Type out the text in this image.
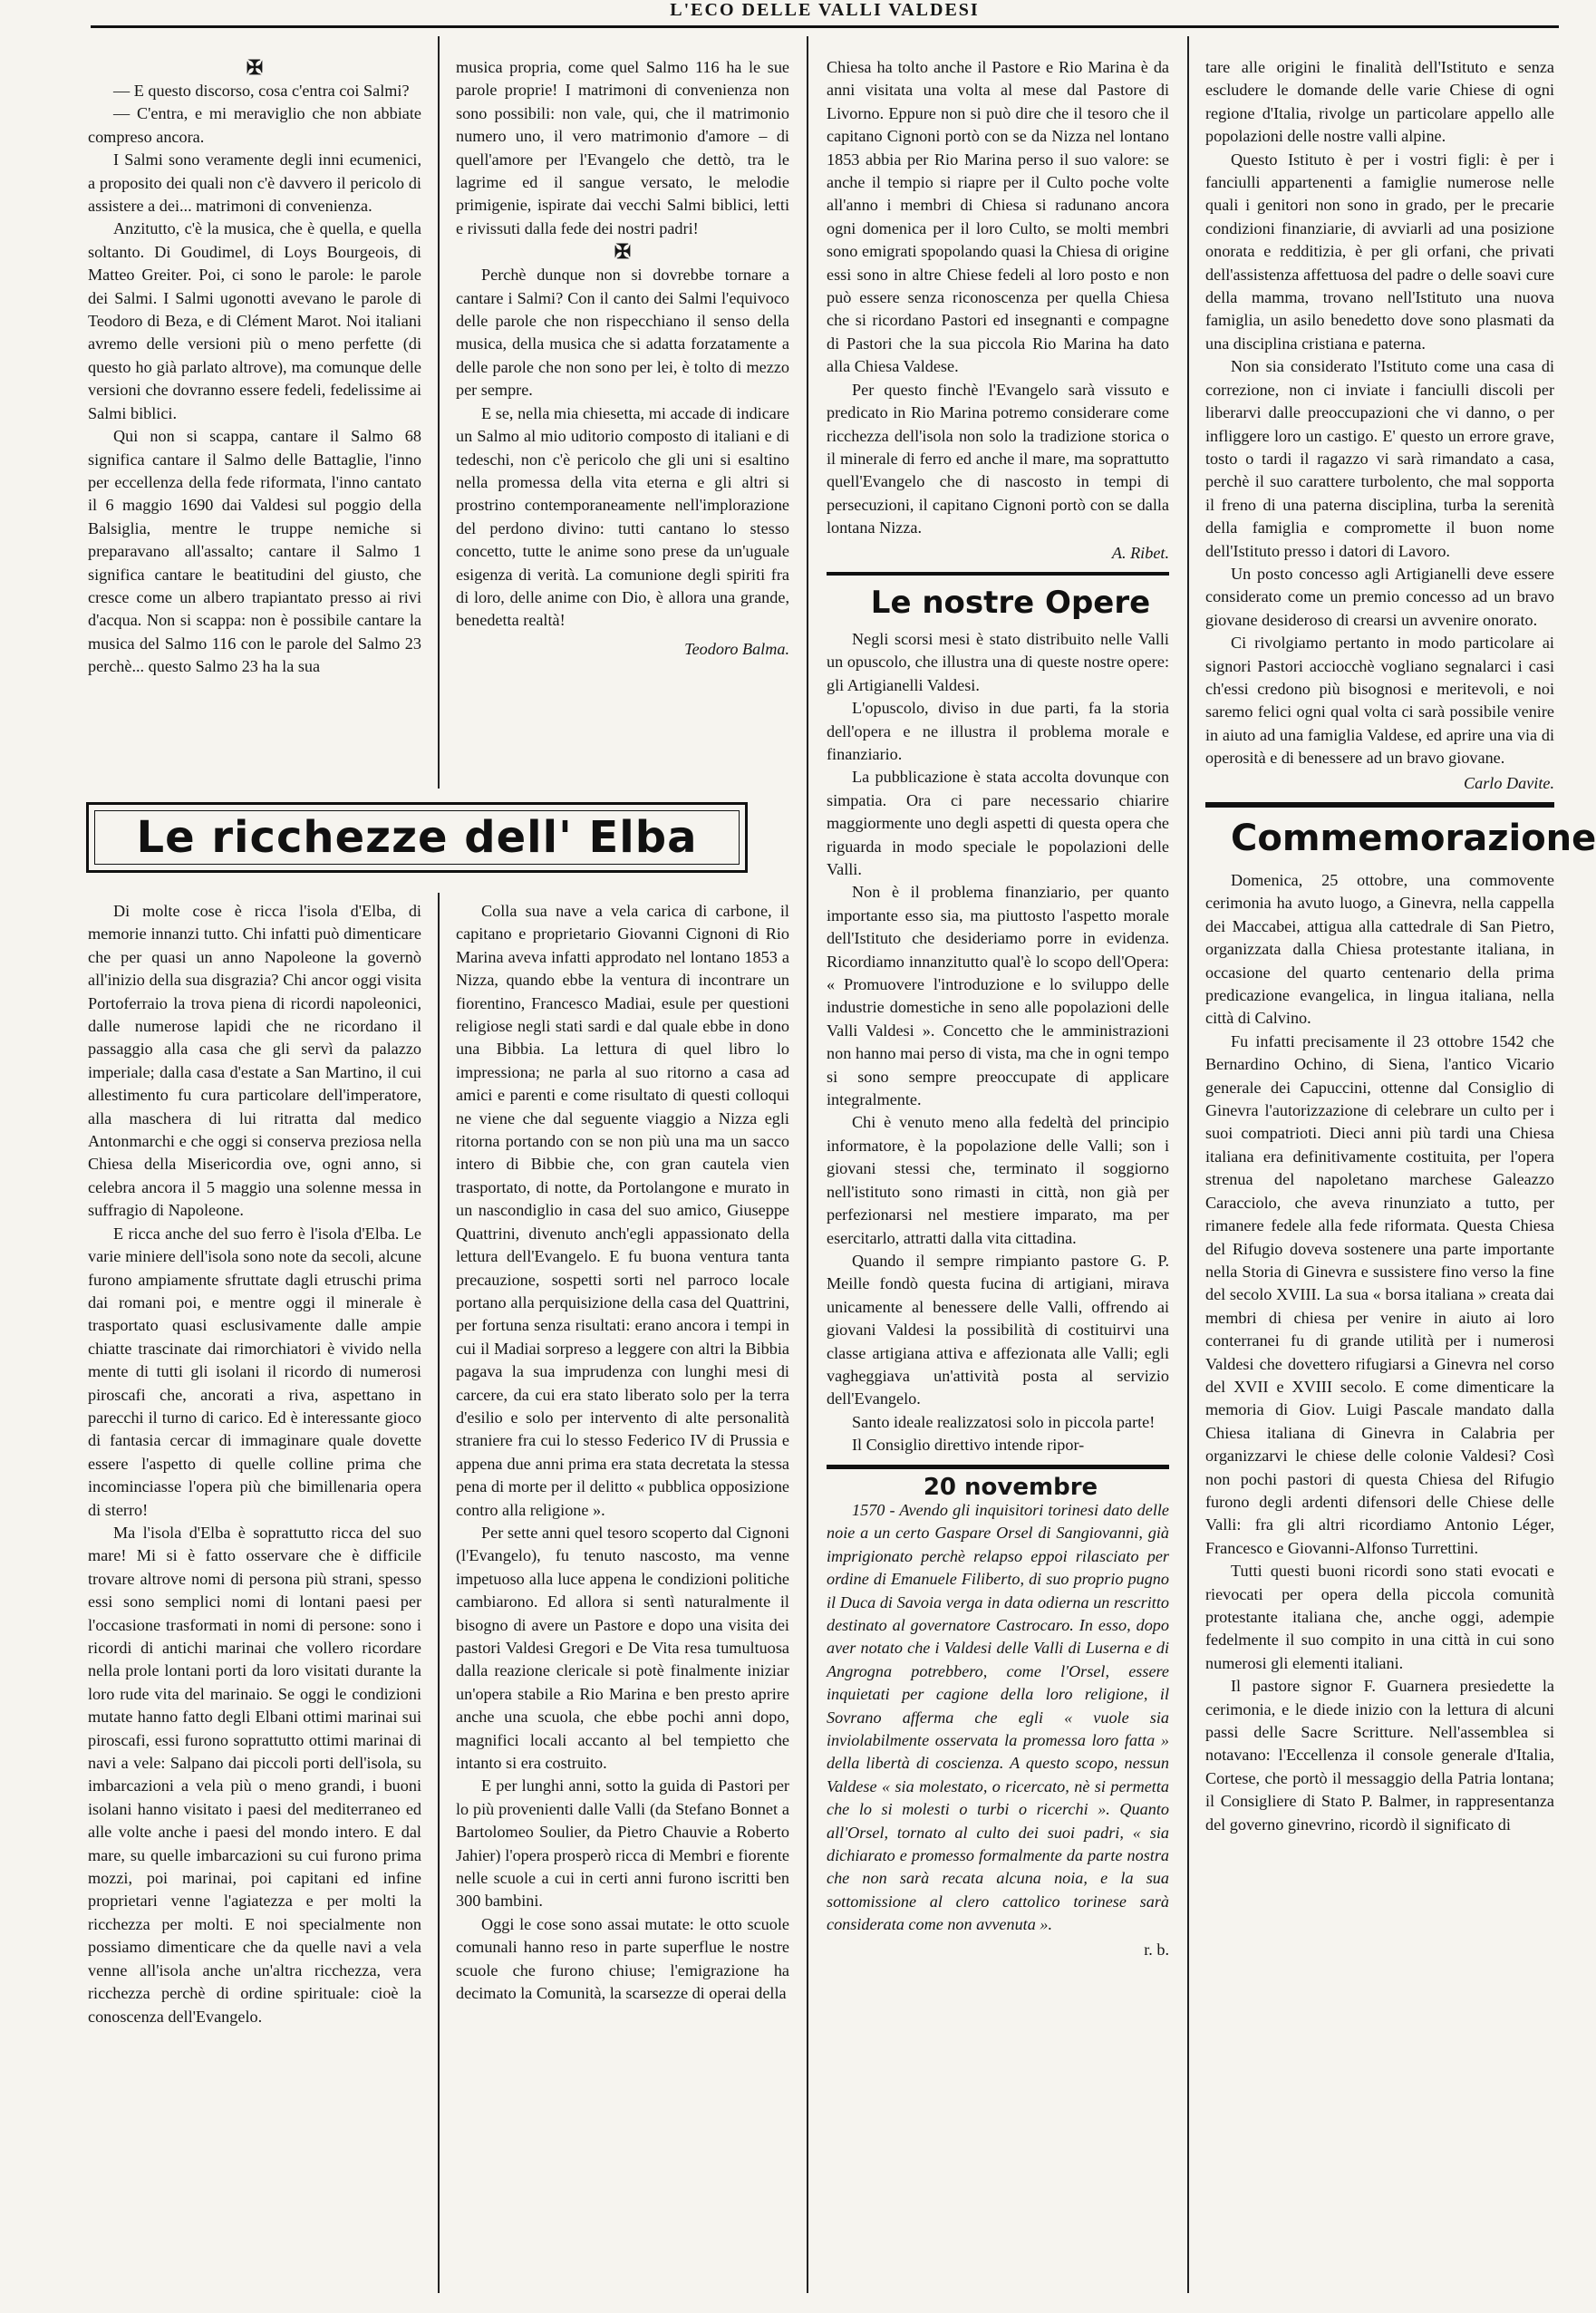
L'ECO DELLE VALLI VALDESI

✠

— E questo discorso, cosa c'entra coi Salmi?

— C'entra, e mi meraviglio che non abbiate compreso ancora.

I Salmi sono veramente degli inni ecumenici, a proposito dei quali non c'è davvero il pericolo di assistere a dei... matrimoni di convenienza.

Anzitutto, c'è la musica, che è quella, e quella soltanto. Di Goudimel, di Loys Bourgeois, di Matteo Greiter. Poi, ci sono le parole: le parole dei Salmi. I Salmi ugonotti avevano le parole di Teodoro di Beza, e di Clément Marot. Noi italiani avremo delle versioni più o meno perfette (di questo ho già parlato altrove), ma comunque delle versioni che dovranno essere fedeli, fedelissime ai Salmi biblici.

Qui non si scappa, cantare il Salmo 68 significa cantare il Salmo delle Battaglie, l'inno per eccellenza della fede riformata, l'inno cantato il 6 maggio 1690 dai Valdesi sul poggio della Balsiglia, mentre le truppe nemiche si preparavano all'assalto; cantare il Salmo 1 significa cantare le beatitudini del giusto, che cresce come un albero trapiantato presso ai rivi d'acqua. Non si scappa: non è possibile cantare la musica del Salmo 116 con le parole del Salmo 23 perchè... questo Salmo 23 ha la sua

musica propria, come quel Salmo 116 ha le sue parole proprie! I matrimoni di convenienza non sono possibili: non vale, qui, che il matrimonio numero uno, il vero matrimonio d'amore – di quell'amore per l'Evangelo che dettò, tra le lagrime ed il sangue versato, le melodie primigenie, ispirate dai vecchi Salmi biblici, letti e rivissuti dalla fede dei nostri padri!

✠

Perchè dunque non si dovrebbe tornare a cantare i Salmi? Con il canto dei Salmi l'equivoco delle parole che non rispecchiano il senso della musica, della musica che si adatta forzatamente a delle parole che non sono per lei, è tolto di mezzo per sempre.

E se, nella mia chiesetta, mi accade di indicare un Salmo al mio uditorio composto di italiani e di tedeschi, non c'è pericolo che gli uni si esaltino nella promessa della vita eterna e gli altri si prostrino contemporaneamente nell'implorazione del perdono divino: tutti cantano lo stesso concetto, tutte le anime sono prese da un'uguale esigenza di verità. La comunione degli spiriti fra di loro, delle anime con Dio, è allora una grande, benedetta realtà!

Teodoro Balma.

Le ricchezze dell' Elba

Di molte cose è ricca l'isola d'Elba, di memorie innanzi tutto. Chi infatti può dimenticare che per quasi un anno Napoleone la governò all'inizio della sua disgrazia? Chi ancor oggi visita Portoferraio la trova piena di ricordi napoleonici, dalle numerose lapidi che ne ricordano il passaggio alla casa che gli servì da palazzo imperiale; dalla casa d'estate a San Martino, il cui allestimento fu cura particolare dell'imperatore, alla maschera di lui ritratta dal medico Antonmarchi e che oggi si conserva preziosa nella Chiesa della Misericordia ove, ogni anno, si celebra ancora il 5 maggio una solenne messa in suffragio di Napoleone.

E ricca anche del suo ferro è l'isola d'Elba. Le varie miniere dell'isola sono note da secoli, alcune furono ampiamente sfruttate dagli etruschi prima dai romani poi, e mentre oggi il minerale è trasportato quasi esclusivamente dalle ampie chiatte trascinate dai rimorchiatori è vivido nella mente di tutti gli isolani il ricordo di numerosi piroscafi che, ancorati a riva, aspettano in parecchi il turno di carico. Ed è interessante gioco di fantasia cercar di immaginare quale dovette essere l'aspetto di quelle colline prima che incominciasse l'opera più che bimillenaria opera di sterro!

Ma l'isola d'Elba è soprattutto ricca del suo mare! Mi si è fatto osservare che è difficile trovare altrove nomi di persona più strani, spesso essi sono semplici nomi di lontani paesi per l'occasione trasformati in nomi di persone: sono i ricordi di antichi marinai che vollero ricordare nella prole lontani porti da loro visitati durante la loro rude vita del marinaio. Se oggi le condizioni mutate hanno fatto degli Elbani ottimi marinai sui piroscafi, essi furono soprattutto ottimi marinai di navi a vele: Salpano dai piccoli porti dell'isola, su imbarcazioni a vela più o meno grandi, i buoni isolani hanno visitato i paesi del mediterraneo ed alle volte anche i paesi del mondo intero. E dal mare, su quelle imbarcazioni su cui furono prima mozzi, poi marinai, poi capitani ed infine proprietari venne l'agiatezza e per molti la ricchezza per molti. E noi specialmente non possiamo dimenticare che da quelle navi a vela venne all'isola anche un'altra ricchezza, vera ricchezza perchè di ordine spirituale: cioè la conoscenza dell'Evangelo.

Colla sua nave a vela carica di carbone, il capitano e proprietario Giovanni Cignoni di Rio Marina aveva infatti approdato nel lontano 1853 a Nizza, quando ebbe la ventura di incontrare un fiorentino, Francesco Madiai, esule per questioni religiose negli stati sardi e dal quale ebbe in dono una Bibbia. La lettura di quel libro lo impressiona; ne parla al suo ritorno a casa ad amici e parenti e come risultato di questi colloqui ne viene che dal seguente viaggio a Nizza egli ritorna portando con se non più una ma un sacco intero di Bibbie che, con gran cautela vien trasportato, di notte, da Portolangone e murato in un nascondiglio in casa del suo amico, Giuseppe Quattrini, divenuto anch'egli appassionato della lettura dell'Evangelo. E fu buona ventura tanta precauzione, sospetti sorti nel parroco locale portano alla perquisizione della casa del Quattrini, per fortuna senza risultati: erano ancora i tempi in cui il Madiai sorpreso a leggere con altri la Bibbia pagava la sua imprudenza con lunghi mesi di carcere, da cui era stato liberato solo per la terra d'esilio e solo per intervento di alte personalità straniere fra cui lo stesso Federico IV di Prussia e appena due anni prima era stata decretata la stessa pena di morte per il delitto « pubblica opposizione contro alla religione ».

Per sette anni quel tesoro scoperto dal Cignoni (l'Evangelo), fu tenuto nascosto, ma venne impetuoso alla luce appena le condizioni politiche cambiarono. Ed allora si sentì naturalmente il bisogno di avere un Pastore e dopo una visita dei pastori Valdesi Gregori e De Vita resa tumultuosa dalla reazione clericale si potè finalmente iniziar un'opera stabile a Rio Marina e ben presto aprire anche una scuola, che ebbe pochi anni dopo, magnifici locali accanto al bel tempietto che intanto si era costruito.

E per lunghi anni, sotto la guida di Pastori per lo più provenienti dalle Valli (da Stefano Bonnet a Bartolomeo Soulier, da Pietro Chauvie a Roberto Jahier) l'opera prosperò ricca di Membri e fiorente nelle scuole a cui in certi anni furono iscritti ben 300 bambini.

Oggi le cose sono assai mutate: le otto scuole comunali hanno reso in parte superflue le nostre scuole che furono chiuse; l'emigrazione ha decimato la Comunità, la scarsezze di operai della

Chiesa ha tolto anche il Pastore e Rio Marina è da anni visitata una volta al mese dal Pastore di Livorno. Eppure non si può dire che il tesoro che il capitano Cignoni portò con se da Nizza nel lontano 1853 abbia per Rio Marina perso il suo valore: se anche il tempio si riapre per il Culto poche volte all'anno i membri di Chiesa si radunano ancora ogni domenica per il loro Culto, se molti membri sono emigrati spopolando quasi la Chiesa di origine essi sono in altre Chiese fedeli al loro posto e non può essere senza riconoscenza per quella Chiesa che si ricordano Pastori ed insegnanti e compagne di Pastori che la sua piccola Rio Marina ha dato alla Chiesa Valdese.

Per questo finchè l'Evangelo sarà vissuto e predicato in Rio Marina potremo considerare come ricchezza dell'isola non solo la tradizione storica o il minerale di ferro ed anche il mare, ma soprattutto quell'Evangelo che di nascosto in tempi di persecuzioni, il capitano Cignoni portò con se dalla lontana Nizza.

A. Ribet.

Le nostre Opere

Negli scorsi mesi è stato distribuito nelle Valli un opuscolo, che illustra una di queste nostre opere: gli Artigianelli Valdesi.

L'opuscolo, diviso in due parti, fa la storia dell'opera e ne illustra il problema morale e finanziario.

La pubblicazione è stata accolta dovunque con simpatia. Ora ci pare necessario chiarire maggiormente uno degli aspetti di questa opera che riguarda in modo speciale le popolazioni delle Valli.

Non è il problema finanziario, per quanto importante esso sia, ma piuttosto l'aspetto morale dell'Istituto che desideriamo porre in evidenza. Ricordiamo innanzitutto qual'è lo scopo dell'Opera: « Promuovere l'introduzione e lo sviluppo delle industrie domestiche in seno alle popolazioni delle Valli Valdesi ». Concetto che le amministrazioni non hanno mai perso di vista, ma che in ogni tempo si sono sempre preoccupate di applicare integralmente.

Chi è venuto meno alla fedeltà del principio informatore, è la popolazione delle Valli; son i giovani stessi che, terminato il soggiorno nell'istituto sono rimasti in città, non già per perfezionarsi nel mestiere imparato, ma per esercitarlo, attratti dalla vita cittadina.

Quando il sempre rimpianto pastore G. P. Meille fondò questa fucina di artigiani, mirava unicamente al benessere delle Valli, offrendo ai giovani Valdesi la possibilità di costituirvi una classe artigiana attiva e affezionata alle Valli; egli vagheggiava un'attività posta al servizio dell'Evangelo.

Santo ideale realizzatosi solo in piccola parte!

Il Consiglio direttivo intende ripor-

20 novembre

1570 - Avendo gli inquisitori torinesi dato delle noie a un certo Gaspare Orsel di Sangiovanni, già imprigionato perchè relapso eppoi rilasciato per ordine di Emanuele Filiberto, di suo proprio pugno il Duca di Savoia verga in data odierna un rescritto destinato al governatore Castrocaro. In esso, dopo aver notato che i Valdesi delle Valli di Luserna e di Angrogna potrebbero, come l'Orsel, essere inquietati per cagione della loro religione, il Sovrano afferma che egli « vuole sia inviolabilmente osservata la promessa loro fatta » della libertà di coscienza. A questo scopo, nessun Valdese « sia molestato, o ricercato, nè si permetta che lo si molesti o turbi o ricerchi ». Quanto all'Orsel, tornato al culto dei suoi padri, « sia dichiarato e promesso formalmente da parte nostra che non sarà recata alcuna noia, e la sua sottomissione al clero cattolico torinese sarà considerata come non avvenuta ».

r. b.

tare alle origini le finalità dell'Istituto e senza escludere le domande delle varie Chiese di ogni regione d'Italia, rivolge un particolare appello alle popolazioni delle nostre valli alpine.

Questo Istituto è per i vostri figli: è per i fanciulli appartenenti a famiglie numerose nelle quali i genitori non sono in grado, per le precarie condizioni finanziarie, di avviarli ad una posizione onorata e redditizia, è per gli orfani, che privati dell'assistenza affettuosa del padre o delle soavi cure della mamma, trovano nell'Istituto una nuova famiglia, un asilo benedetto dove sono plasmati da una disciplina cristiana e paterna.

Non sia considerato l'Istituto come una casa di correzione, non ci inviate i fanciulli discoli per liberarvi dalle preoccupazioni che vi danno, o per infliggere loro un castigo. E' questo un errore grave, tosto o tardi il ragazzo vi sarà rimandato a casa, perchè il suo carattere turbolento, che mal sopporta il freno di una paterna disciplina, turba la serenità della famiglia e compromette il buon nome dell'Istituto presso i datori di Lavoro.

Un posto concesso agli Artigianelli deve essere considerato come un premio concesso ad un bravo giovane desideroso di crearsi un avvenire onorato.

Ci rivolgiamo pertanto in modo particolare ai signori Pastori acciocchè vogliano segnalarci i casi ch'essi credono più bisognosi e meritevoli, e noi saremo felici ogni qual volta ci sarà possibile venire in aiuto ad una famiglia Valdese, ed aprire una via di operosità e di benessere ad un bravo giovane.

Carlo Davite.

Commemorazione

Domenica, 25 ottobre, una commovente cerimonia ha avuto luogo, a Ginevra, nella cappella dei Maccabei, attigua alla cattedrale di San Pietro, organizzata dalla Chiesa protestante italiana, in occasione del quarto centenario della prima predicazione evangelica, in lingua italiana, nella città di Calvino.

Fu infatti precisamente il 23 ottobre 1542 che Bernardino Ochino, di Siena, l'antico Vicario generale dei Capuccini, ottenne dal Consiglio di Ginevra l'autorizzazione di celebrare un culto per i suoi compatrioti. Dieci anni più tardi una Chiesa italiana era definitivamente costituita, per l'opera strenua del napoletano marchese Galeazzo Caracciolo, che aveva rinunziato a tutto, per rimanere fedele alla fede riformata. Questa Chiesa del Rifugio doveva sostenere una parte importante nella Storia di Ginevra e sussistere fino verso la fine del secolo XVIII. La sua « borsa italiana » creata dai membri di chiesa per venire in aiuto ai loro conterranei fu di grande utilità per i numerosi Valdesi che dovettero rifugiarsi a Ginevra nel corso del XVII e XVIII secolo. E come dimenticare la memoria di Giov. Luigi Pascale mandato dalla Chiesa italiana di Ginevra in Calabria per organizzarvi le chiese delle colonie Valdesi? Così non pochi pastori di questa Chiesa del Rifugio furono degli ardenti difensori delle Chiese delle Valli: fra gli altri ricordiamo Antonio Léger, Francesco e Giovanni-Alfonso Turrettini.

Tutti questi buoni ricordi sono stati evocati e rievocati per opera della piccola comunità protestante italiana che, anche oggi, adempie fedelmente il suo compito in una città in cui sono numerosi gli elementi italiani.

Il pastore signor F. Guarnera presiedette la cerimonia, e le diede inizio con la lettura di alcuni passi delle Sacre Scritture. Nell'assemblea si notavano: l'Eccellenza il console generale d'Italia, Cortese, che portò il messaggio della Patria lontana; il Consigliere di Stato P. Balmer, in rappresentanza del governo ginevrino, ricordò il significato di
